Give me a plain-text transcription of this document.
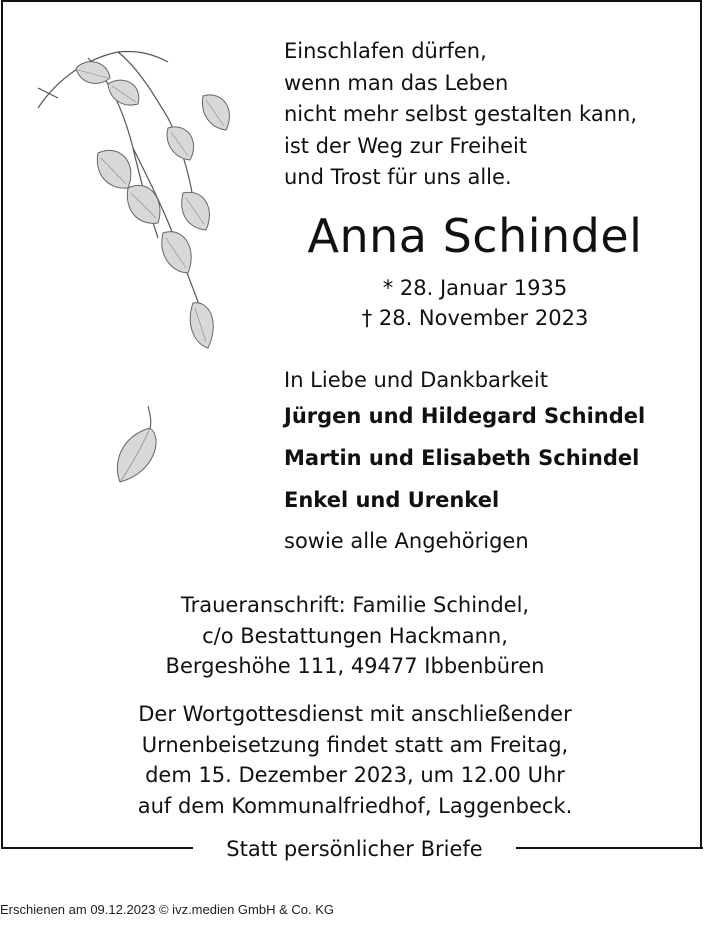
Einschlafen dürfen,
wenn man das Leben
nicht mehr selbst gestalten kann,
ist der Weg zur Freiheit
und Trost für uns alle.
Anna Schindel
* 28. Januar 1935
† 28. November 2023
In Liebe und Dankbarkeit
Jürgen und Hildegard Schindel
Martin und Elisabeth Schindel
Enkel und Urenkel
sowie alle Angehörigen
Traueranschrift: Familie Schindel,
c/o Bestattungen Hackmann,
Bergeshöhe 111, 49477 Ibbenbüren
Der Wortgottesdienst mit anschließender
Urnenbeisetzung findet statt am Freitag,
dem 15. Dezember 2023, um 12.00 Uhr
auf dem Kommunalfriedhof, Laggenbeck.
Statt persönlicher Briefe
Erschienen am 09.12.2023 © ivz.medien GmbH & Co. KG
